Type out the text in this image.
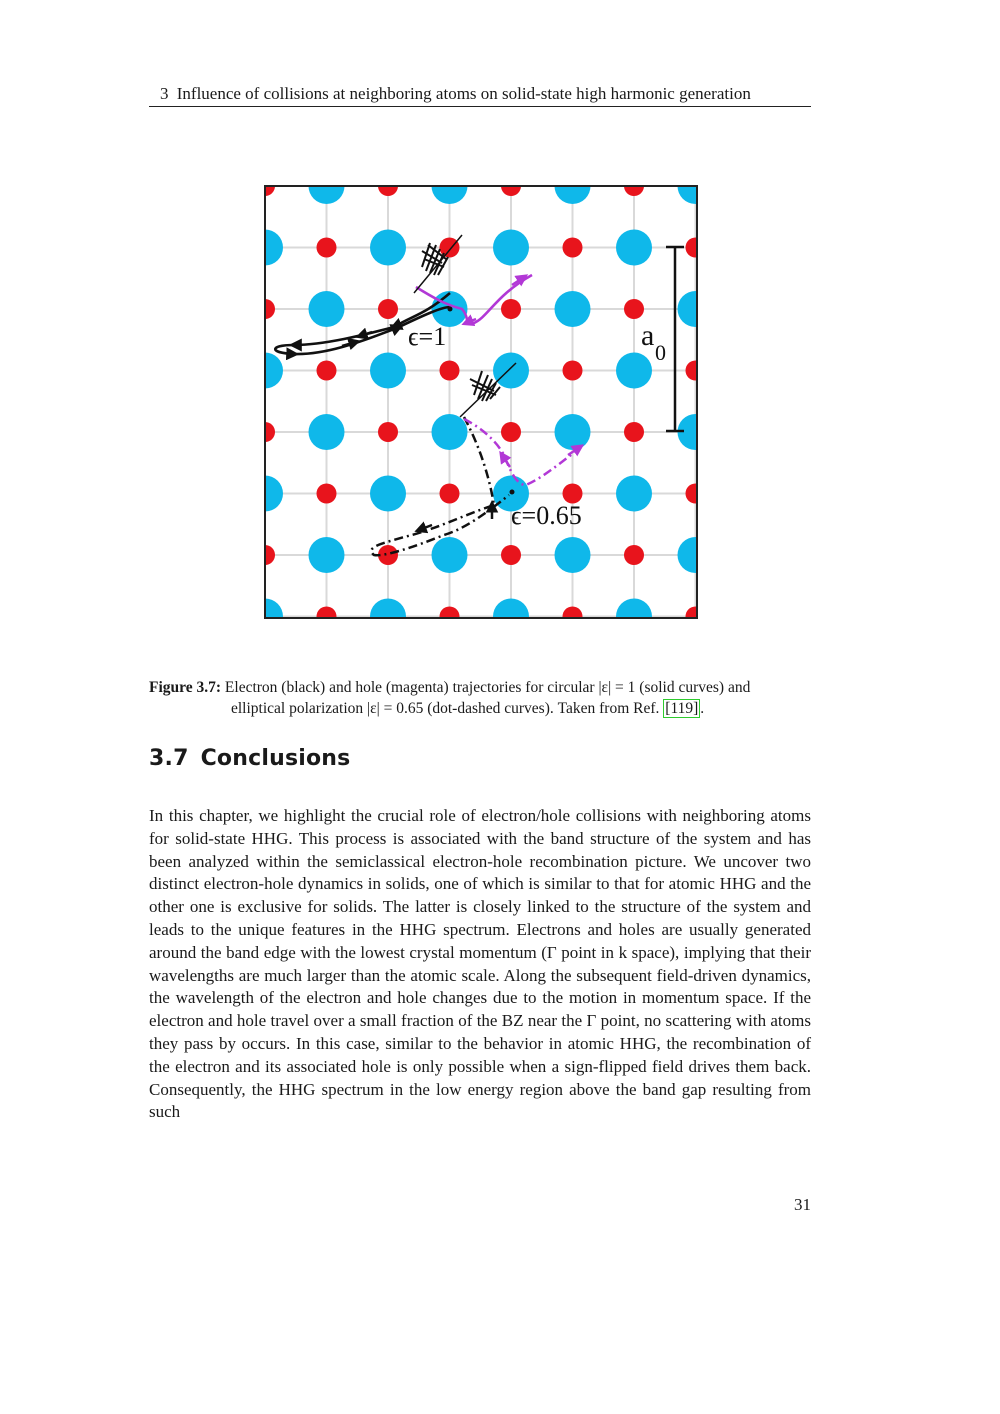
3 Influence of collisions at neighboring atoms on solid-state high harmonic generation
a
0
ϵ=1
ϵ=0.65
Figure 3.7: Electron (black) and hole (magenta) trajectories for circular |ε| = 1 (solid curves) and
elliptical polarization |ε| = 0.65 (dot-dashed curves). Taken from Ref. [119] .
3.7 Conclusions

In this chapter, we highlight the crucial role of electron/hole collisions with neighboring atoms for solid-state HHG. This process is associated with the band structure of the system and has been analyzed within the semiclassical electron-hole recombination picture. We uncover two distinct electron-hole dynamics in solids, one of which is similar to that for atomic HHG and the other one is exclusive for solids. The latter is closely linked to the structure of the system and leads to the unique features in the HHG spectrum. Electrons and holes are usually generated around the band edge with the lowest crystal momentum (Γ point in k space), implying that their wavelengths are much larger than the atomic scale. Along the subsequent field-driven dynamics, the wavelength of the electron and hole changes due to the motion in momentum space. If the electron and hole travel over a small fraction of the BZ near the Γ point, no scattering with atoms they pass by occurs. In this case, similar to the behavior in atomic HHG, the recombination of the electron and its associated hole is only possible when a sign-flipped field drives them back. Consequently, the HHG spectrum in the low energy region above the band gap resulting from such

31
